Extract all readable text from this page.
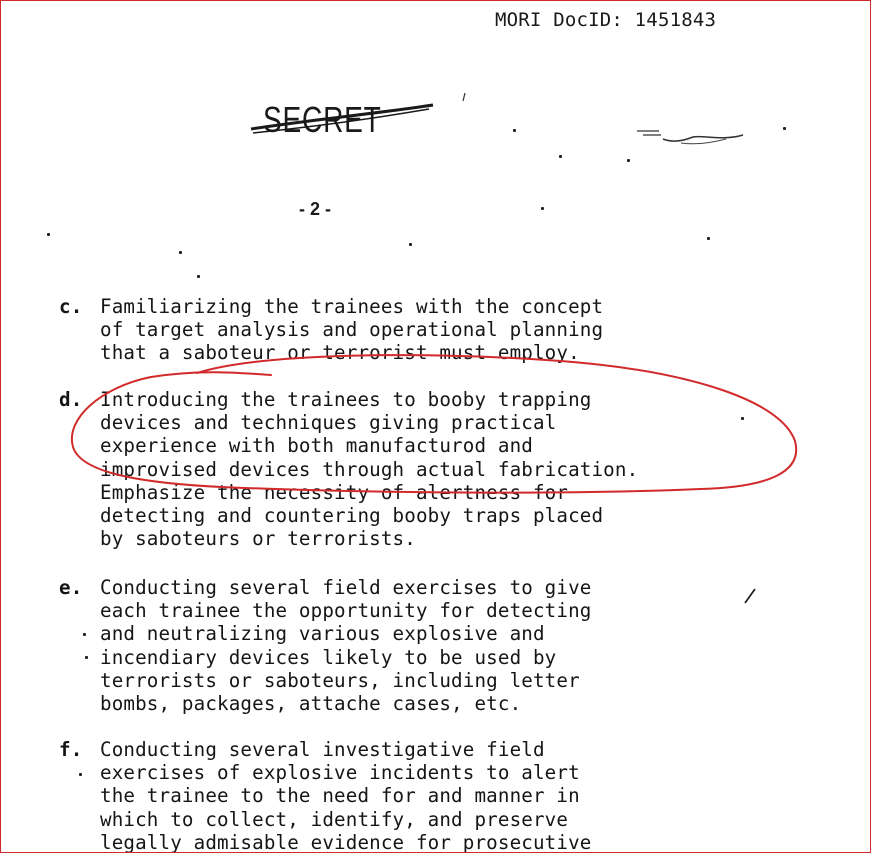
MORI DocID: 1451843
SECRET
- 2 -
c. Familiarizing the trainees with the concept
of target analysis and operational planning
that a saboteur or terrorist must employ.
d. Introducing the trainees to booby trapping
devices and techniques giving practical
experience with both manufacturod and
improvised devices through actual fabrication.
Emphasize the necessity of alertness for
detecting and countering booby traps placed
by saboteurs or terrorists.
e. Conducting several field exercises to give
each trainee the opportunity for detecting
and neutralizing various explosive and
incendiary devices likely to be used by
terrorists or saboteurs, including letter
bombs, packages, attache cases, etc.
f. Conducting several investigative field
exercises of explosive incidents to alert
the trainee to the need for and manner in
which to collect, identify, and preserve
legally admisable evidence for prosecutive
